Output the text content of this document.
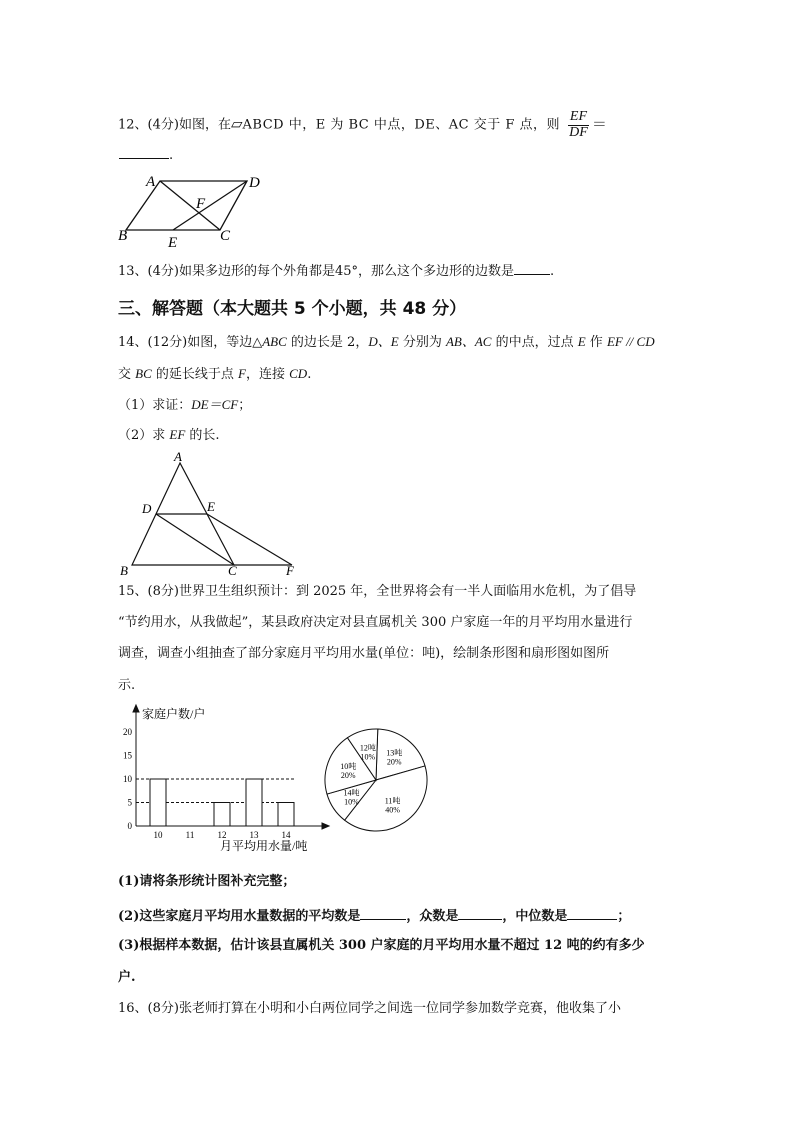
12、(4分)如图，在▱ABCD 中，E 为 BC 中点，DE、AC 交于 F 点，则 $\frac{EF}{DF}$ ＝
.
A	D
F
B	E	C
13、(4分)如果多边形的每个外角都是45°，那么这个多边形的边数是	.
三、解答题（本大题共 5 个小题，共 48 分）
14、(12分)如图，等边△ABC 的边长是 2，D、E 分别为 AB、AC 的中点，过点 E 作 EF // CD
交 BC 的延长线于点 F，连接 CD.
（1）求证：DE＝CF；
（2）求 EF 的长.
A
D	E
B	C	F
15、(8分)世界卫生组织预计：到 2025 年，全世界将会有一半人面临用水危机，为了倡导
“节约用水，从我做起”，某县政府决定对县直属机关 300 户家庭一年的月平均用水量进行
调查，调查小组抽查了部分家庭月平均用水量(单位：吨)，绘制条形图和扇形图如图所
示.
家庭户数/户
0
5
10
15
20
10	11	12	13	14
月平均用水量/吨
13吨
20%
11吨
40%
14吨
10%
10吨
20%
12吨
10%
(1)请将条形统计图补充完整；
(2)这些家庭月平均用水量数据的平均数是	，众数是	，中位数是	；
(3)根据样本数据，估计该县直属机关 300 户家庭的月平均用水量不超过 12 吨的约有多少
户.
16、(8分)张老师打算在小明和小白两位同学之间选一位同学参加数学竞赛，他收集了小
